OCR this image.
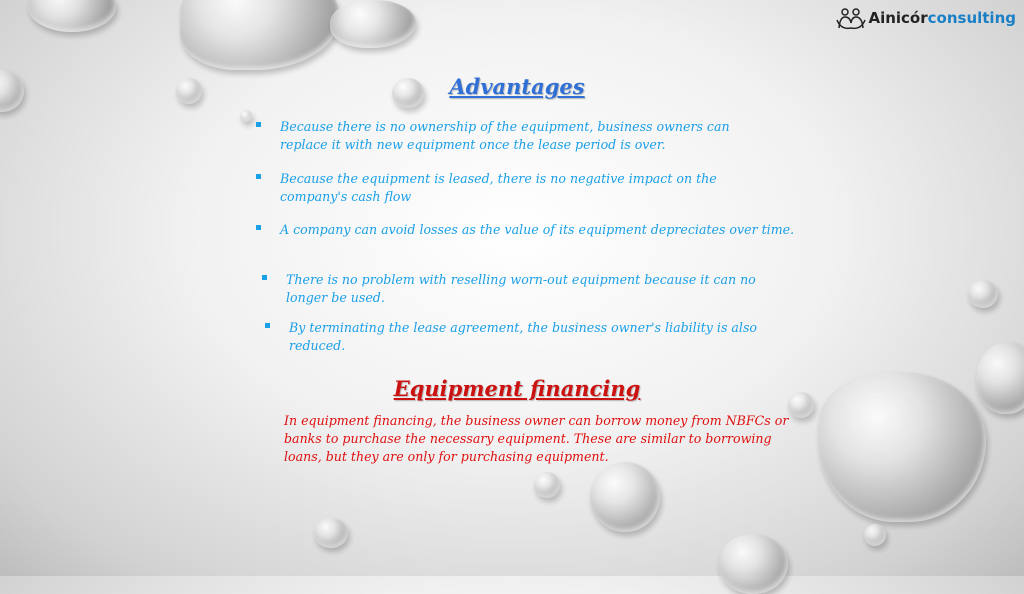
Ainicór consulting
Advantages
Because there is no ownership of the equipment, business owners can replace it with new equipment once the lease period is over.
Because the equipment is leased, there is no negative impact on the company's cash flow
A company can avoid losses as the value of its equipment depreciates over time.
There is no problem with reselling worn-out equipment because it can no longer be used.
By terminating the lease agreement, the business owner's liability is also reduced.
Equipment financing
In equipment financing, the business owner can borrow money from NBFCs or banks to purchase the necessary equipment. These are similar to borrowing loans, but they are only for purchasing equipment.
